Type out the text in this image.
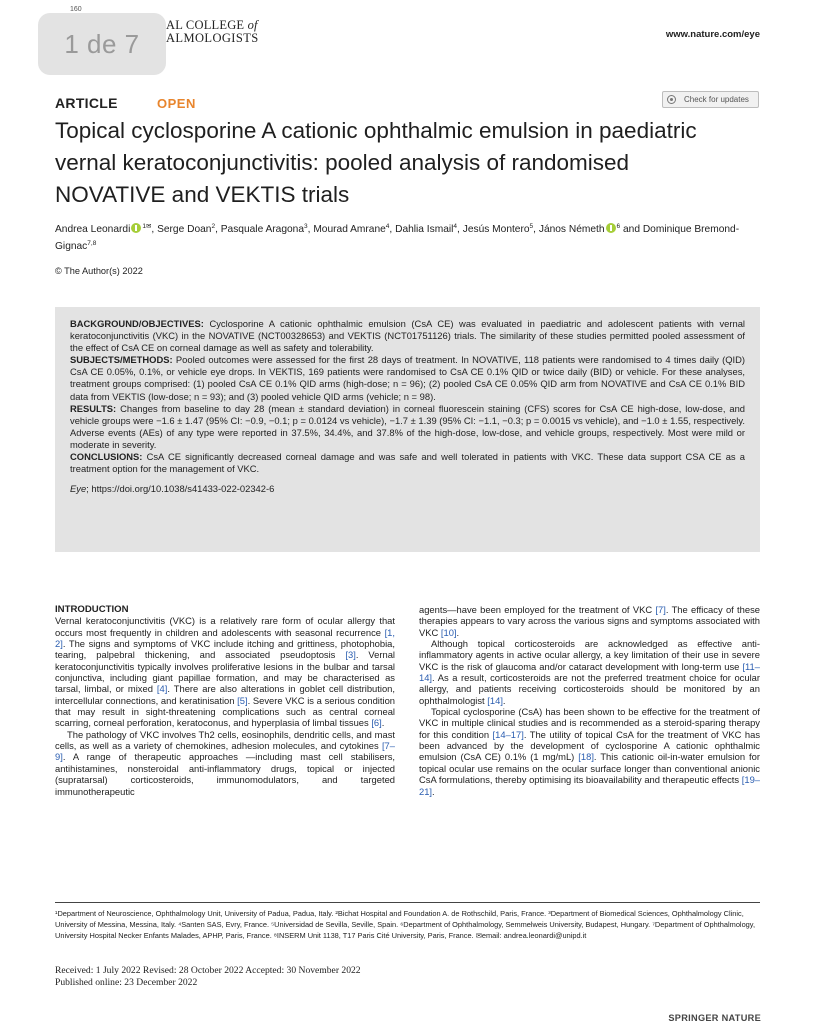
160
AL COLLEGE of
ALMOLOGISTS	www.nature.com/eye
1 de 7
ARTICLE	OPEN	Check for updates
Topical cyclosporine A cationic ophthalmic emulsion in paediatric vernal keratoconjunctivitis: pooled analysis of randomised NOVATIVE and VEKTIS trials
Andrea Leonardi $^{1✉}$, Serge Doan$^2$, Pasquale Aragona$^3$, Mourad Amrane$^4$, Dahlia Ismail$^4$, Jesús Montero$^5$, János Németh $^6$ and Dominique Bremond-Gignac$^{7,8}$
© The Author(s) 2022

BACKGROUND/OBJECTIVES: Cyclosporine A cationic ophthalmic emulsion (CsA CE) was evaluated in paediatric and adolescent patients with vernal keratoconjunctivitis (VKC) in the NOVATIVE (NCT00328653) and VEKTIS (NCT01751126) trials. The similarity of these studies permitted pooled assessment of the effect of CsA CE on corneal damage as well as safety and tolerability.

SUBJECTS/METHODS: Pooled outcomes were assessed for the first 28 days of treatment. In NOVATIVE, 118 patients were randomised to 4 times daily (QID) CsA CE 0.05%, 0.1%, or vehicle eye drops. In VEKTIS, 169 patients were randomised to CsA CE 0.1% QID or twice daily (BID) or vehicle. For these analyses, treatment groups comprised: (1) pooled CsA CE 0.1% QID arms (high-dose; n = 96); (2) pooled CsA CE 0.05% QID arm from NOVATIVE and CsA CE 0.1% BID data from VEKTIS (low-dose; n = 93); and (3) pooled vehicle QID arms (vehicle; n = 98).

RESULTS: Changes from baseline to day 28 (mean ± standard deviation) in corneal fluorescein staining (CFS) scores for CsA CE high-dose, low-dose, and vehicle groups were −1.6 ± 1.47 (95% CI: −0.9, −0.1; p = 0.0124 vs vehicle), −1.7 ± 1.39 (95% CI: −1.1, −0.3; p = 0.0015 vs vehicle), and −1.0 ± 1.55, respectively. Adverse events (AEs) of any type were reported in 37.5%, 34.4%, and 37.8% of the high-dose, low-dose, and vehicle groups, respectively. Most were mild or moderate in severity.

CONCLUSIONS: CsA CE significantly decreased corneal damage and was safe and well tolerated in patients with VKC. These data support CSA CE as a treatment option for the management of VKC.

Eye; https://doi.org/10.1038/s41433-022-02342-6

INTRODUCTION

Vernal keratoconjunctivitis (VKC) is a relatively rare form of ocular allergy that occurs most frequently in children and adolescents with seasonal recurrence [1, 2]. The signs and symptoms of VKC include itching and grittiness, photophobia, tearing, palpebral thickening, and associated pseudoptosis [3]. Vernal keratoconjunctivitis typically involves proliferative lesions in the bulbar and tarsal conjunctiva, including giant papillae formation, and may be characterised as tarsal, limbal, or mixed [4]. There are also alterations in goblet cell distribution, intercellular connections, and keratinisation [5]. Severe VKC is a serious condition that may result in sight-threatening complications such as central corneal scarring, corneal perforation, keratoconus, and hyperplasia of limbal tissues [6].

The pathology of VKC involves Th2 cells, eosinophils, dendritic cells, and mast cells, as well as a variety of chemokines, adhesion molecules, and cytokines [7–9]. A range of therapeutic approaches —including mast cell stabilisers, antihistamines, nonsteroidal anti-inflammatory drugs, topical or injected (supratarsal) corticosteroids, immunomodulators, and targeted immunotherapeutic

agents—have been employed for the treatment of VKC [7]. The efficacy of these therapies appears to vary across the various signs and symptoms associated with VKC [10].

Although topical corticosteroids are acknowledged as effective anti-inflammatory agents in active ocular allergy, a key limitation of their use in severe VKC is the risk of glaucoma and/or cataract development with long-term use [11–14]. As a result, corticosteroids are not the preferred treatment choice for ocular allergy, and patients receiving corticosteroids should be monitored by an ophthalmologist [14].

Topical cyclosporine (CsA) has been shown to be effective for the treatment of VKC in multiple clinical studies and is recommended as a steroid-sparing therapy for this condition [14–17]. The utility of topical CsA for the treatment of VKC has been advanced by the development of cyclosporine A cationic ophthalmic emulsion (CsA CE) 0.1% (1 mg/mL) [18]. This cationic oil-in-water emulsion for topical ocular use remains on the ocular surface longer than conventional anionic CsA formulations, thereby optimising its bioavailability and therapeutic effects [19–21].

¹Department of Neuroscience, Ophthalmology Unit, University of Padua, Padua, Italy. ²Bichat Hospital and Foundation A. de Rothschild, Paris, France. ³Department of Biomedical Sciences, Ophthalmology Clinic, University of Messina, Messina, Italy. ⁴Santen SAS, Evry, France. ⁵Universidad de Sevilla, Seville, Spain. ⁶Department of Ophthalmology, Semmelweis University, Budapest, Hungary. ⁷Department of Ophthalmology, University Hospital Necker Enfants Malades, APHP, Paris, France. ⁸INSERM Unit 1138, T17 Paris Cité University, Paris, France. ✉email: andrea.leonardi@unipd.it
Received: 1 July 2022 Revised: 28 October 2022 Accepted: 30 November 2022
Published online: 23 December 2022
SPRINGER NATURE
